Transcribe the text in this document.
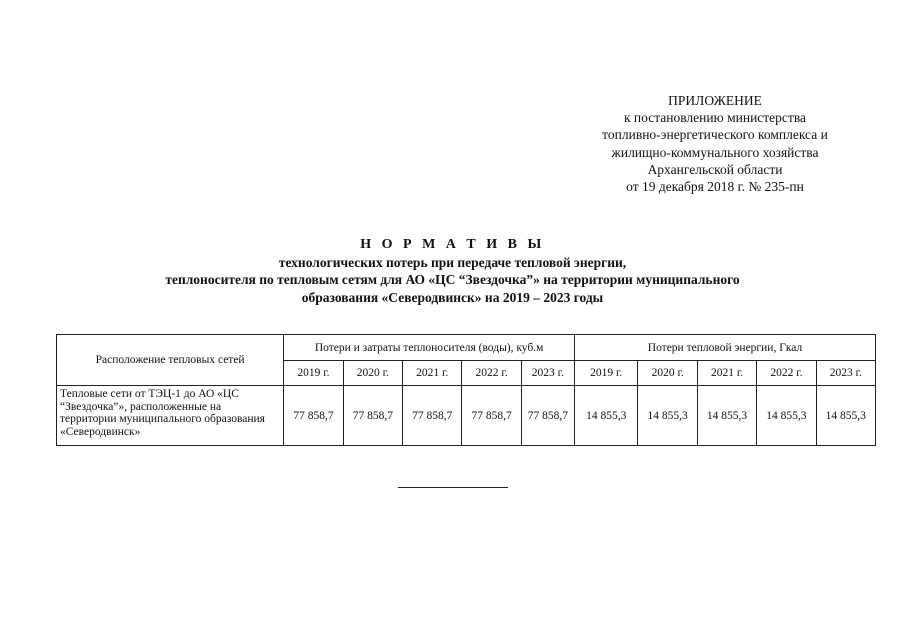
ПРИЛОЖЕНИЕ
к постановлению министерства
топливно-энергетического комплекса и
жилищно-коммунального хозяйства
Архангельской области
от 19 декабря 2018 г. № 235-пн
Н О Р М А Т И В Ы
технологических потерь при передаче тепловой энергии,
теплоносителя по тепловым сетям для АО «ЦС “Звездочка”» на территории муниципального
образования «Северодвинск» на 2019 – 2023 годы
Расположение тепловых сетей	Потери и затраты теплоносителя (воды), куб.м					Потери тепловой энергии, Гкал				
	2019 г.	2020 г.	2021 г.	2022 г.	2023 г.	2019 г.	2020 г.	2021 г.	2022 г.	2023 г.
Тепловые сети от ТЭЦ-1 до АО «ЦС “Звездочка”», расположенные на территории муниципального образования «Северодвинск»	77 858,7	77 858,7	77 858,7	77 858,7	77 858,7	14 855,3	14 855,3	14 855,3	14 855,3	14 855,3
